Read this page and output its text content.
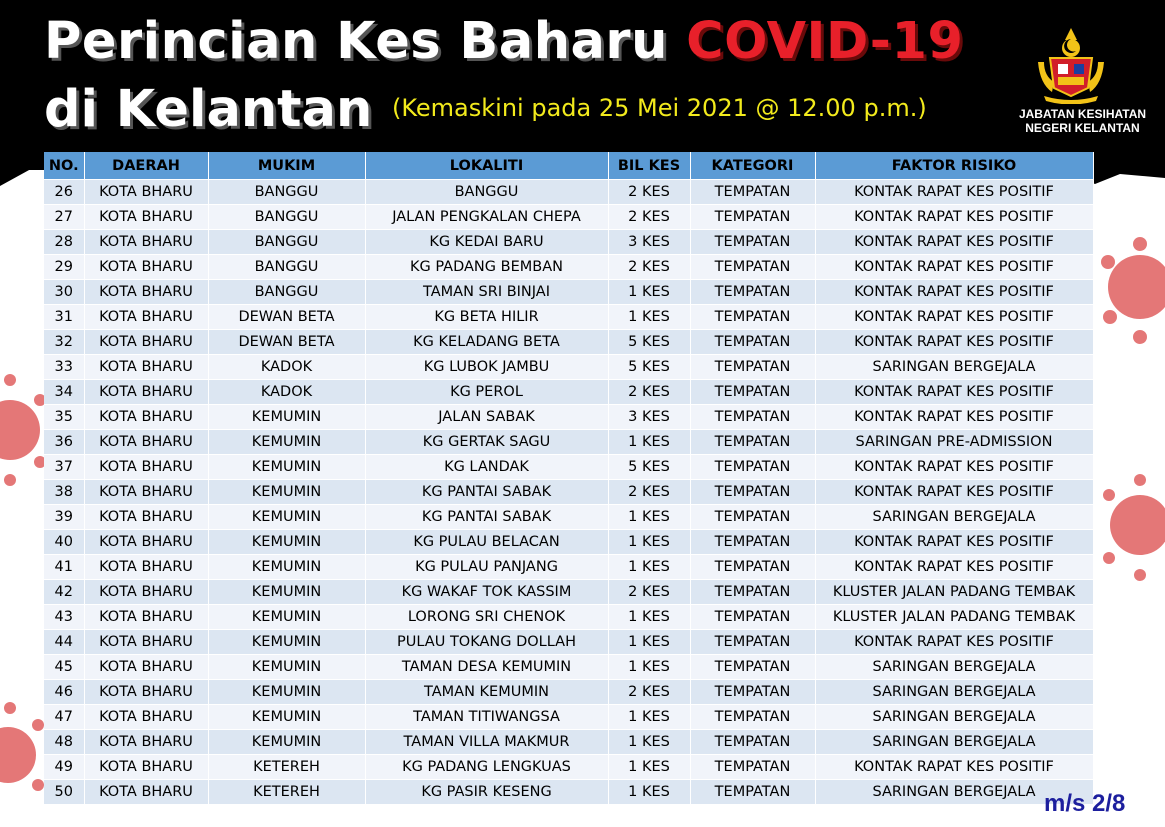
Perincian Kes Baharu COVID-19
di Kelantan (Kemaskini pada 25 Mei 2021 @ 12.00 p.m.)	JABATAN KESIHATAN
NEGERI KELANTAN
NO.	DAERAH	MUKIM	LOKALITI	BIL KES	KATEGORI	FAKTOR RISIKO
26	KOTA BHARU	BANGGU	BANGGU	2 KES	TEMPATAN	KONTAK RAPAT KES POSITIF
27	KOTA BHARU	BANGGU	JALAN PENGKALAN CHEPA	2 KES	TEMPATAN	KONTAK RAPAT KES POSITIF
28	KOTA BHARU	BANGGU	KG KEDAI BARU	3 KES	TEMPATAN	KONTAK RAPAT KES POSITIF
29	KOTA BHARU	BANGGU	KG PADANG BEMBAN	2 KES	TEMPATAN	KONTAK RAPAT KES POSITIF
30	KOTA BHARU	BANGGU	TAMAN SRI BINJAI	1 KES	TEMPATAN	KONTAK RAPAT KES POSITIF
31	KOTA BHARU	DEWAN BETA	KG BETA HILIR	1 KES	TEMPATAN	KONTAK RAPAT KES POSITIF
32	KOTA BHARU	DEWAN BETA	KG KELADANG BETA	5 KES	TEMPATAN	KONTAK RAPAT KES POSITIF
33	KOTA BHARU	KADOK	KG LUBOK JAMBU	5 KES	TEMPATAN	SARINGAN BERGEJALA
34	KOTA BHARU	KADOK	KG PEROL	2 KES	TEMPATAN	KONTAK RAPAT KES POSITIF
35	KOTA BHARU	KEMUMIN	JALAN SABAK	3 KES	TEMPATAN	KONTAK RAPAT KES POSITIF
36	KOTA BHARU	KEMUMIN	KG GERTAK SAGU	1 KES	TEMPATAN	SARINGAN PRE-ADMISSION
37	KOTA BHARU	KEMUMIN	KG LANDAK	5 KES	TEMPATAN	KONTAK RAPAT KES POSITIF
38	KOTA BHARU	KEMUMIN	KG PANTAI SABAK	2 KES	TEMPATAN	KONTAK RAPAT KES POSITIF
39	KOTA BHARU	KEMUMIN	KG PANTAI SABAK	1 KES	TEMPATAN	SARINGAN BERGEJALA
40	KOTA BHARU	KEMUMIN	KG PULAU BELACAN	1 KES	TEMPATAN	KONTAK RAPAT KES POSITIF
41	KOTA BHARU	KEMUMIN	KG PULAU PANJANG	1 KES	TEMPATAN	KONTAK RAPAT KES POSITIF
42	KOTA BHARU	KEMUMIN	KG WAKAF TOK KASSIM	2 KES	TEMPATAN	KLUSTER JALAN PADANG TEMBAK
43	KOTA BHARU	KEMUMIN	LORONG SRI CHENOK	1 KES	TEMPATAN	KLUSTER JALAN PADANG TEMBAK
44	KOTA BHARU	KEMUMIN	PULAU TOKANG DOLLAH	1 KES	TEMPATAN	KONTAK RAPAT KES POSITIF
45	KOTA BHARU	KEMUMIN	TAMAN DESA KEMUMIN	1 KES	TEMPATAN	SARINGAN BERGEJALA
46	KOTA BHARU	KEMUMIN	TAMAN KEMUMIN	2 KES	TEMPATAN	SARINGAN BERGEJALA
47	KOTA BHARU	KEMUMIN	TAMAN TITIWANGSA	1 KES	TEMPATAN	SARINGAN BERGEJALA
48	KOTA BHARU	KEMUMIN	TAMAN VILLA MAKMUR	1 KES	TEMPATAN	SARINGAN BERGEJALA
49	KOTA BHARU	KETEREH	KG PADANG LENGKUAS	1 KES	TEMPATAN	KONTAK RAPAT KES POSITIF
50	KOTA BHARU	KETEREH	KG PASIR KESENG	1 KES	TEMPATAN	SARINGAN BERGEJALA m/s 2/8
